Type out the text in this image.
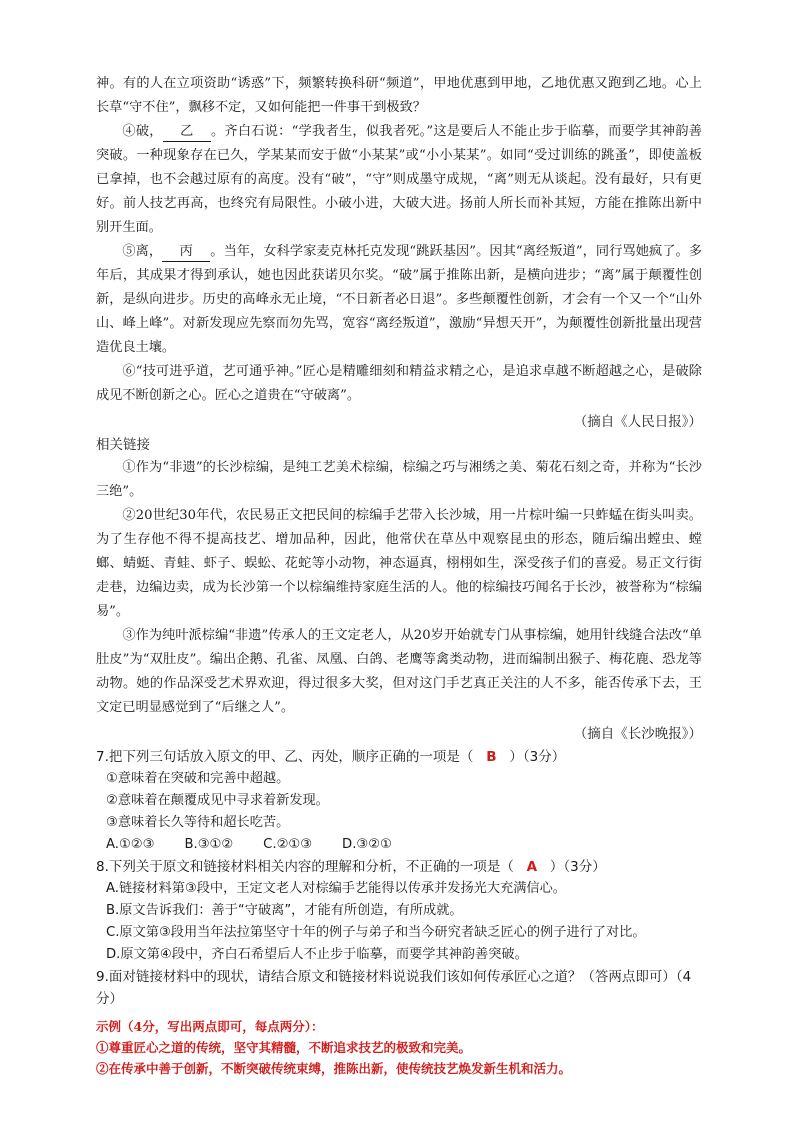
神。有的人在立项资助“诱惑”下，频繁转换科研“频道”，甲地优惠到甲地，乙地优惠又跑到乙地。心上长草“守不住”，飘移不定，又如何能把一件事干到极致？

④破， 乙 。齐白石说：“学我者生，似我者死。”这是要后人不能止步于临摹，而要学其神韵善突破。一种现象存在已久，学某某而安于做“小某某”或“小小某某”。如同“受过训练的跳蚤”，即使盖板已拿掉，也不会越过原有的高度。没有“破”，“守”则成墨守成规，“离”则无从谈起。没有最好，只有更好。前人技艺再高，也终究有局限性。小破小进，大破大进。扬前人所长而补其短，方能在推陈出新中别开生面。

⑤离， 丙 。当年，女科学家麦克林托克发现“跳跃基因”。因其“离经叛道”，同行骂她疯了。多年后，其成果才得到承认，她也因此获诺贝尔奖。“破”属于推陈出新，是横向进步；“离”属于颠覆性创新，是纵向进步。历史的高峰永无止境，“不日新者必日退”。多些颠覆性创新，才会有一个又一个“山外山、峰上峰”。对新发现应先察而勿先骂，宽容“离经叛道”，激励“异想天开”，为颠覆性创新批量出现营造优良土壤。

⑥“技可进乎道，艺可通乎神。”匠心是精雕细刻和精益求精之心，是追求卓越不断超越之心，是破除成见不断创新之心。匠心之道贵在“守破离”。

（摘自《人民日报》）

相关链接

①作为“非遗”的长沙棕编，是纯工艺美术棕编，棕编之巧与湘绣之美、菊花石刻之奇，并称为“长沙三绝”。

②20世纪30年代，农民易正文把民间的棕编手艺带入长沙城，用一片棕叶编一只蚱蜢在街头叫卖。为了生存他不得不提高技艺、增加品种，因此，他常伏在草丛中观察昆虫的形态，随后编出螳虫、螳螂、蜻蜓、青蛙、虾子、蜈蚣、花蛇等小动物，神态逼真，栩栩如生，深受孩子们的喜爱。易正文行街走巷，边编边卖，成为长沙第一个以棕编维持家庭生活的人。他的棕编技巧闻名于长沙，被誉称为“棕编易”。

③作为纯叶派棕编“非遗”传承人的王文定老人，从20岁开始就专门从事棕编，她用针线缝合法改“单肚皮”为“双肚皮”。编出企鹅、孔雀、凤凰、白鸽、老鹰等禽类动物，进而编制出猴子、梅花鹿、恐龙等动物。她的作品深受艺术界欢迎，得过很多大奖，但对这门手艺真正关注的人不多，能否传承下去，王文定已明显感觉到了“后继之人”。

（摘自《长沙晚报》）

7.把下列三句话放入原文的甲、乙、丙处，顺序正确的一项是（ B ）（3分）

①意味着在突破和完善中超越。

②意味着在颠覆成见中寻求着新发现。

③意味着长久等待和超长吃苦。

A.①②③ B.③①② C.②①③ D.③②①

8.下列关于原文和链接材料相关内容的理解和分析，不正确的一项是（ A ）（3分）

A.链接材料第③段中，王定文老人对棕编手艺能得以传承并发扬光大充满信心。

B.原文告诉我们：善于“守破离”，才能有所创造，有所成就。

C.原文第③段用当年法拉第坚守十年的例子与弟子和当今研究者缺乏匠心的例子进行了对比。

D.原文第④段中，齐白石希望后人不止步于临摹，而要学其神韵善突破。

9.面对链接材料中的现状，请结合原文和链接材料说说我们该如何传承匠心之道？（答两点即可）（4分）

示例（4分，写出两点即可，每点两分）：

①尊重匠心之道的传统，坚守其精髓，不断追求技艺的极致和完美。

②在传承中善于创新，不断突破传统束缚，推陈出新，使传统技艺焕发新生机和活力。
